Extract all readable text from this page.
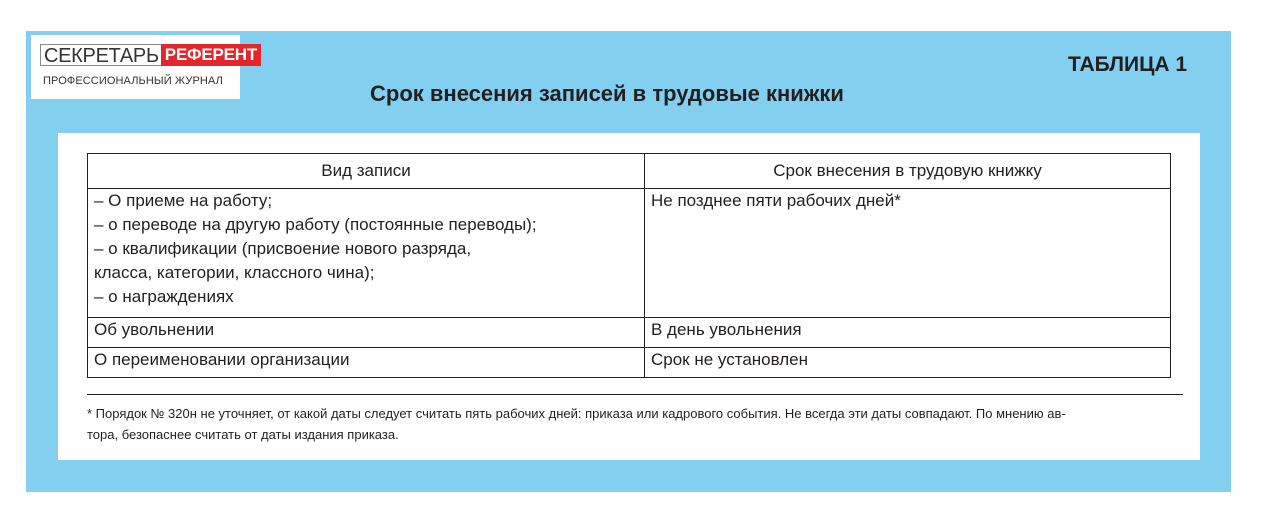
СЕКРЕТАРЬ РЕФЕРЕНТ
ПРОФЕССИОНАЛЬНЫЙ ЖУРНАЛ
ТАБЛИЦА 1
Срок внесения записей в трудовые книжки
Вид записи	Срок внесения в трудовую книжку

– О приеме на работу;
– о переводе на другую работу (постоянные переводы);
– о квалификации (присвоение нового разряда,
класса, категории, классного чина);
– о награждениях	Не позднее пяти рабочих дней*
Об увольнении	В день увольнения
О переименовании организации	Срок не установлен
* Порядок № 320н не уточняет, от какой даты следует считать пять рабочих дней: приказа или кадрового события. Не всегда эти даты совпадают. По мнению ав-
тора, безопаснее считать от даты издания приказа.
